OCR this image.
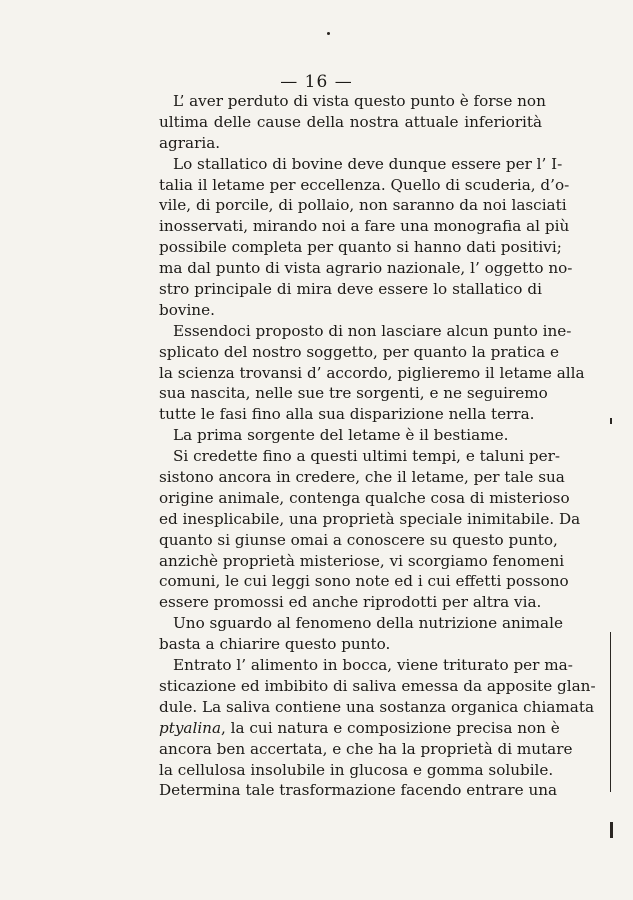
— 16 —
L’ aver perduto di vista questo punto è forse non
ultima delle cause della nostra attuale inferiorità
agraria.
Lo stallatico di bovine deve dunque essere per l’ I-
talia il letame per eccellenza. Quello di scuderia, d’o-
vile, di porcile, di pollaio, non saranno da noi lasciati
inosservati, mirando noi a fare una monografia al più
possibile completa per quanto si hanno dati positivi;
ma dal punto di vista agrario nazionale, l’ oggetto no-
stro principale di mira deve essere lo stallatico di
bovine.
Essendoci proposto di non lasciare alcun punto ine-
splicato del nostro soggetto, per quanto la pratica e
la scienza trovansi d’ accordo, piglieremo il letame alla
sua nascita, nelle sue tre sorgenti, e ne seguiremo
tutte le fasi fino alla sua disparizione nella terra.
La prima sorgente del letame è il bestiame.
Si credette fino a questi ultimi tempi, e taluni per-
sistono ancora in credere, che il letame, per tale sua
origine animale, contenga qualche cosa di misterioso
ed inesplicabile, una proprietà speciale inimitabile. Da
quanto si giunse omai a conoscere su questo punto,
anzichè proprietà misteriose, vi scorgiamo fenomeni
comuni, le cui leggi sono note ed i cui effetti possono
essere promossi ed anche riprodotti per altra via.
Uno sguardo al fenomeno della nutrizione animale
basta a chiarire questo punto.
Entrato l’ alimento in bocca, viene triturato per ma-
sticazione ed imbibito di saliva emessa da apposite glan-
dule. La saliva contiene una sostanza organica chiamata
ptyalina, la cui natura e composizione precisa non è
ancora ben accertata, e che ha la proprietà di mutare
la cellulosa insolubile in glucosa e gomma solubile.
Determina tale trasformazione facendo entrare una
